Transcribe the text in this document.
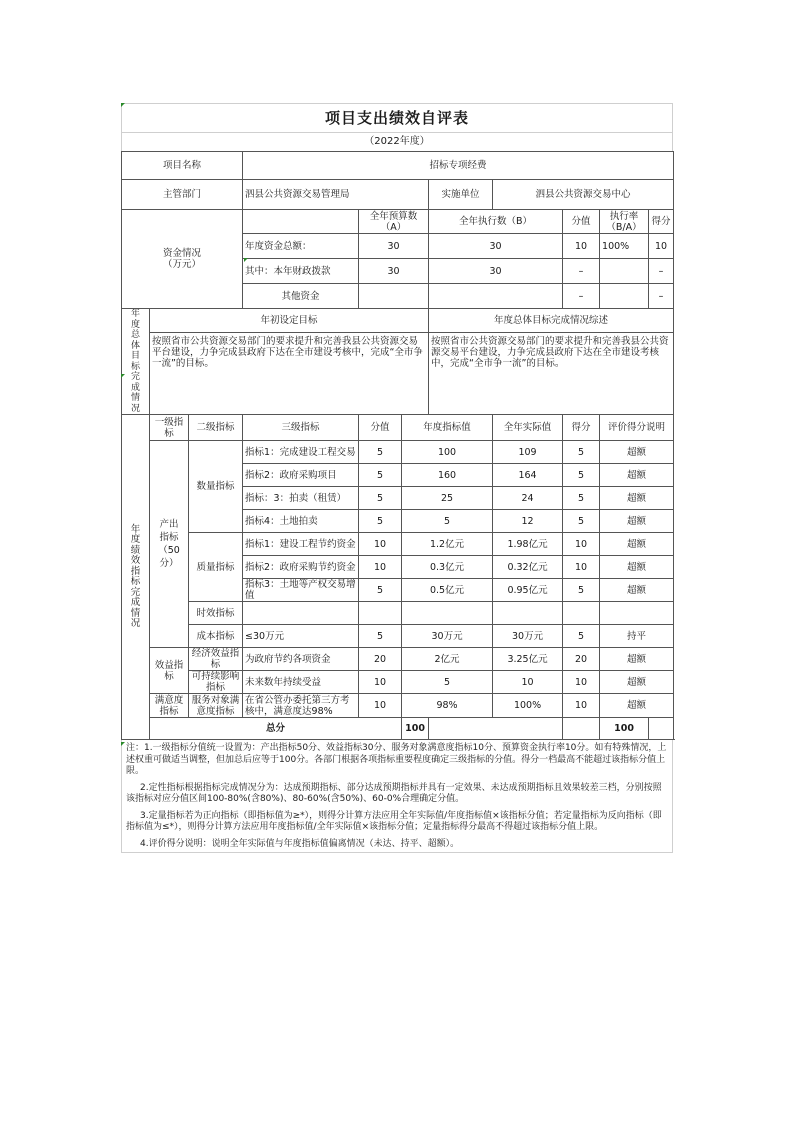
项目支出绩效自评表
（2022年度）
项目名称			招标专项经费							
主管部门			泗县公共资源交易管理局			实施单位	泗县公共资源交易中心			
资金情况
（万元）				全年预算数（A）		全年执行数（B）		分值	执行率（B/A）	得分
			年度资金总额：	30		30		10	100%	10
			其中：本年财政拨款	30		30		–		–
			其他资金					–		–
年度总体目标完成情况	年初设定目标					年度总体目标完成情况综述				
	按照省市公共资源交易部门的要求提升和完善我县公共资源交易平台建设，力争完成县政府下达在全市建设考核中，完成“全市争一流”的目标。					按照省市公共资源交易部门的要求提升和完善我县公共资源交易平台建设，力争完成县政府下达在全市建设考核中，完成“全市争一流”的目标。				
年度绩效指标完成情况	一级指标	二级指标	三级指标	分值	年度指标值		全年实际值	得分	评价得分说明	
	产出指标（50分）	数量指标	指标1：完成建设工程交易	5	100		109	5	超额	
			指标2：政府采购项目	5	160		164	5	超额	
			指标：3：拍卖（租赁）	5	25		24	5	超额	
			指标4：土地拍卖	5	5		12	5	超额	
		质量指标	指标1：建设工程节约资金	10	1.2亿元		1.98亿元	10	超额	
			指标2：政府采购节约资金	10	0.3亿元		0.32亿元	10	超额	
			指标3：土地等产权交易增值	5	0.5亿元		0.95亿元	5	超额	
		时效指标								
		成本指标	≤30万元	5	30万元		30万元	5	持平	
	效益指标	经济效益指标	为政府节约各项资金	20	2亿元		3.25亿元	20	超额	
		可持续影响指标	未来数年持续受益	10	5		10	10	超额	
	满意度指标	服务对象满意度指标	在省公管办委托第三方考核中，满意度达98%	10	98%		100%	10	超额	
	总分				100				100	

注：1.一级指标分值统一设置为：产出指标50分、效益指标30分、服务对象满意度指标10分、预算资金执行率10分。如有特殊情况，上述权重可做适当调整，但加总后应等于100分。各部门根据各项指标重要程度确定三级指标的分值。得分一档最高不能超过该指标分值上限。

2.定性指标根据指标完成情况分为：达成预期指标、部分达成预期指标并具有一定效果、未达成预期指标且效果较差三档，分别按照该指标对应分值区间100-80%(含80%)、80-60%(含50%)、60-0%合理确定分值。

3.定量指标若为正向指标（即指标值为≥*），则得分计算方法应用全年实际值/年度指标值×该指标分值；若定量指标为反向指标（即指标值为≤*），则得分计算方法应用年度指标值/全年实际值×该指标分值；定量指标得分最高不得超过该指标分值上限。

4.评价得分说明：说明全年实际值与年度指标值偏离情况（未达、持平、超额）。
